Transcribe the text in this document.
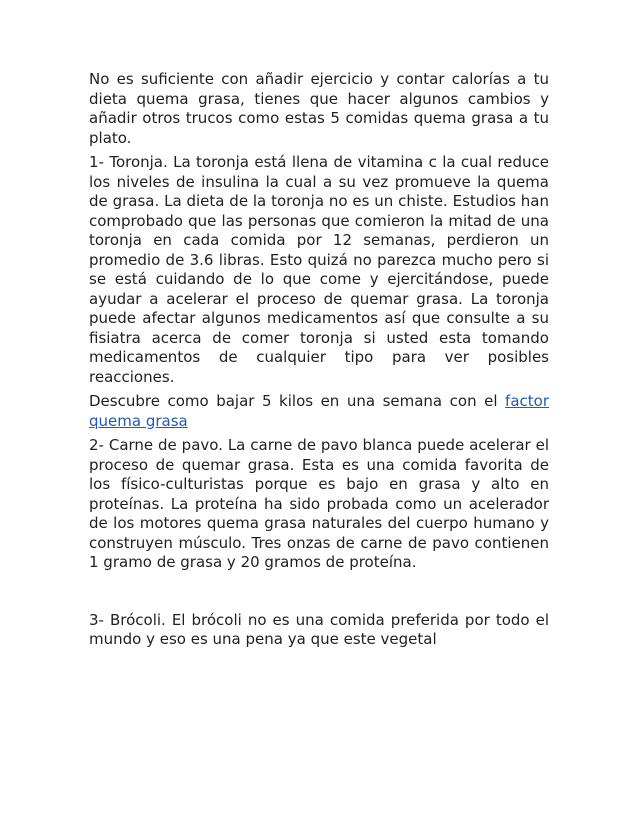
No es suficiente con añadir ejercicio y contar calorías a tu dieta quema grasa, tienes que hacer algunos cambios y añadir otros trucos como estas 5 comidas quema grasa a tu plato.

1- Toronja. La toronja está llena de vitamina c la cual reduce los niveles de insulina la cual a su vez promueve la quema de grasa. La dieta de la toronja no es un chiste. Estudios han comprobado que las personas que comieron la mitad de una toronja en cada comida por 12 semanas, perdieron un promedio de 3.6 libras. Esto quizá no parezca mucho pero si se está cuidando de lo que come y ejercitándose, puede ayudar a acelerar el proceso de quemar grasa. La toronja puede afectar algunos medicamentos así que consulte a su fisiatra acerca de comer toronja si usted esta tomando medicamentos de cualquier tipo para ver posibles reacciones.

Descubre como bajar 5 kilos en una semana con el factor quema grasa

2- Carne de pavo. La carne de pavo blanca puede acelerar el proceso de quemar grasa. Esta es una comida favorita de los físico-culturistas porque es bajo en grasa y alto en proteínas. La proteína ha sido probada como un acelerador de los motores quema grasa naturales del cuerpo humano y construyen músculo. Tres onzas de carne de pavo contienen 1 gramo de grasa y 20 gramos de proteína.

3- Brócoli. El brócoli no es una comida preferida por todo el mundo y eso es una pena ya que este vegetal
